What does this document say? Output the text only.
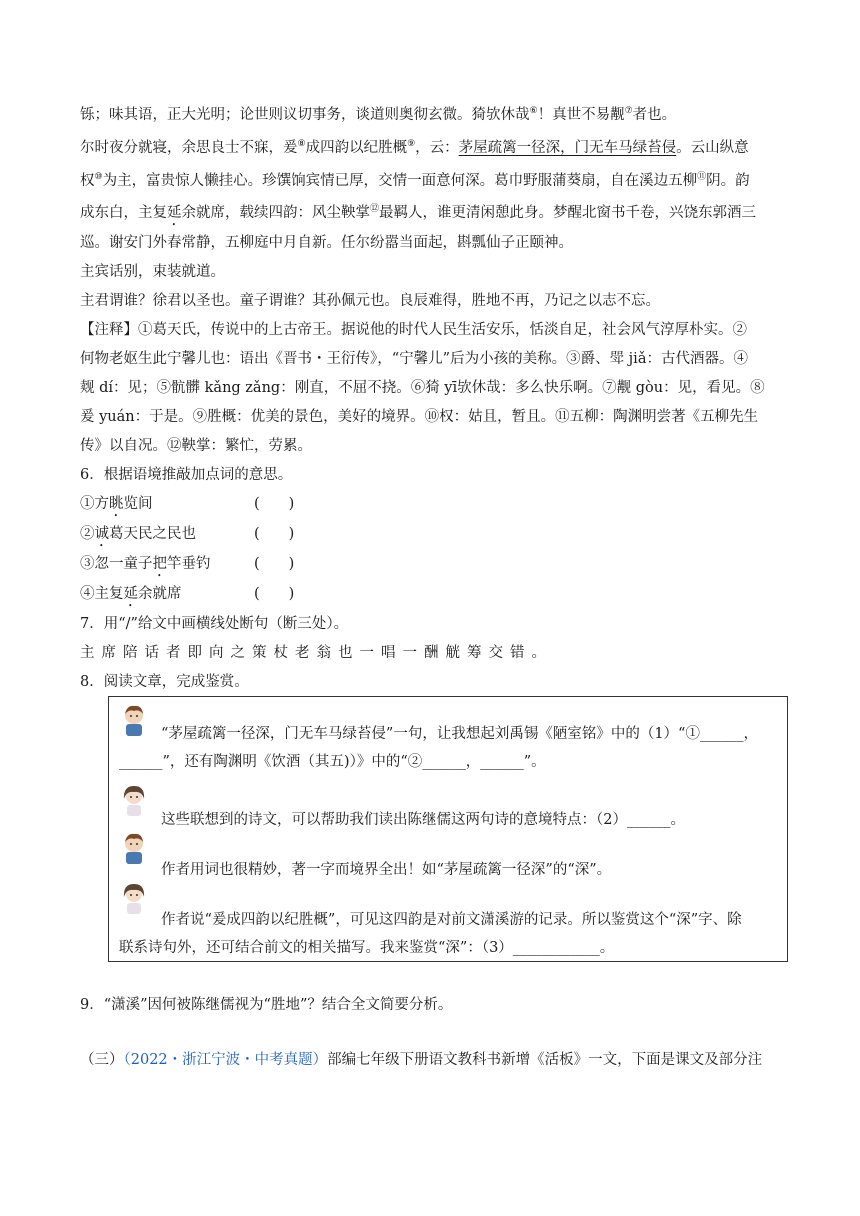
铄；味其语，正大光明；论世则议切事务，谈道则奥彻玄微。猗欤休哉⑥！真世不易觏⑦者也。

尔时夜分就寝，余思良士不寐，爰⑧成四韵以纪胜概⑨，云：茅屋疏篱一径深，门无车马绿苔侵。云山纵意

权⑩为主，富贵惊人懒挂心。珍馔饷宾情已厚，交情一面意何深。葛巾野服蒲葵扇，自在溪边五柳⑪阴。韵

成东白，主复延余就席，载续四韵：风尘鞅掌⑫最羁人，谁更清闲憩此身。梦醒北窗书千卷，兴饶东郭酒三

巡。谢安门外春常静，五柳庭中月自新。任尔纷嚣当面起，斟瓢仙子正颐神。

主宾话别，束装就道。

主君谓谁？徐君以圣也。童子谓谁？其孙佩元也。良辰难得，胜地不再，乃记之以志不忘。

【注释】①葛天氏，传说中的上古帝王。据说他的时代人民生活安乐，恬淡自足，社会风气淳厚朴实。②

何物老妪生此宁馨儿也：语出《晋书・王衍传》，“宁馨儿”后为小孩的美称。③爵、斝 jiǎ：古代酒器。④

觌 dí：见；⑤骯髒 kǎng zǎng：刚直，不屈不挠。⑥猗 yī欤休哉：多么快乐啊。⑦觏 gòu：见，看见。⑧

爰 yuán：于是。⑨胜概：优美的景色，美好的境界。⑩权：姑且，暂且。⑪五柳：陶渊明尝著《五柳先生

传》以自况。⑫鞅掌：繁忙，劳累。

6．根据语境推敲加点词的意思。

①方眺览间	(　　)

②诚葛天民之民也	(　　)

③忽一童子把竿垂钓	(　　)

④主复延余就席	(　　)

7．用“/”给文中画横线处断句（断三处）。

主席陪话者即向之策杖老翁也一唱一酬觥筹交错。

8．阅读文章，完成鉴赏。

“茅屋疏篱一径深，门无车马绿苔侵”一句，让我想起刘禹锡《陋室铭》中的（1）“①______，
______”，还有陶渊明《饮酒（其五)）》中的“②______，______”。
这些联想到的诗文，可以帮助我们读出陈继儒这两句诗的意境特点：（2）______。
作者用词也很精妙，著一字而境界全出！如“茅屋疏篱一径深”的“深”。
作者说“爰成四韵以纪胜概”，可见这四韵是对前文潇溪游的记录。所以鉴赏这个“深”字、除
联系诗句外，还可结合前文的相关描写。我来鉴赏“深”：（3）____________。

9．“潇溪”因何被陈继儒视为“胜地”？结合全文简要分析。

（三）（2022・浙江宁波・中考真题）部编七年级下册语文教科书新增《活板》一文，下面是课文及部分注
